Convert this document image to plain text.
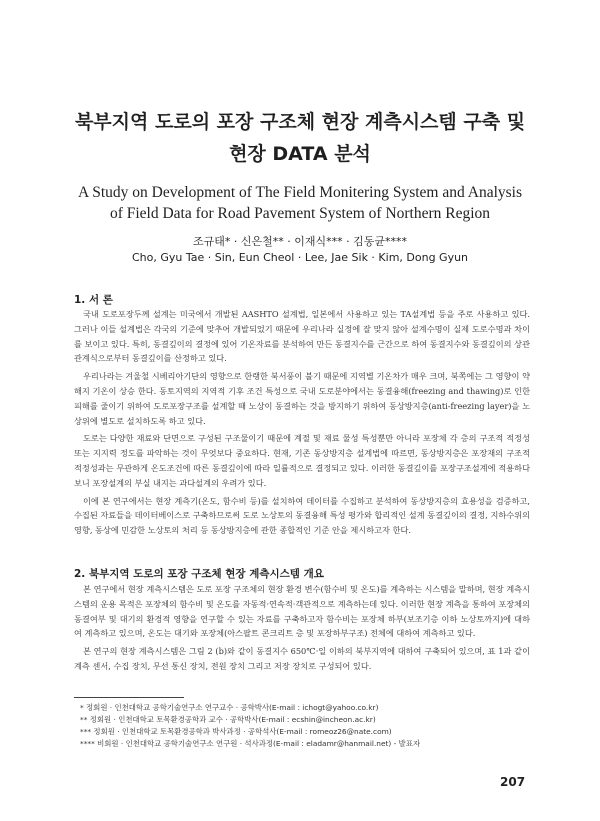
북부지역 도로의 포장 구조체 현장 계측시스템 구축 및
현장 DATA 분석
A Study on Development of The Field Monitering System and Analysis
of Field Data for Road Pavement System of Northern Region
조규태* · 신은철** · 이재식*** · 김동균****
Cho, Gyu Tae · Sin, Eun Cheol · Lee, Jae Sik · Kim, Dong Gyun
1. 서 론

국내 도로포장두께 설계는 미국에서 개발된 AASHTO 설계법, 일본에서 사용하고 있는 TA설계법 등을 주로 사용하고 있다. 그러나 이들 설계법은 각국의 기준에 맞추어 개발되었기 때문에 우리나라 실정에 잘 맞지 않아 설계수명이 실제 도로수명과 차이를 보이고 있다. 특히, 동결깊이의 결정에 있어 기온자료를 분석하여 만든 동결지수를 근간으로 하여 동결지수와 동결깊이의 상관관계식으로부터 동결깊이를 산정하고 있다.

우리나라는 겨울철 시베리아기단의 영향으로 한랭한 북서풍이 불기 때문에 지역별 기온차가 매우 크며, 북쪽에는 그 영향이 약해지 기온이 상승 한다. 동토지역의 지역적 기후 조건 특성으로 국내 도로분야에서는 동결융해(freezing and thawing)로 인한 피해를 줄이기 위하여 도로포장구조를 설계할 때 노상이 동결하는 것을 방지하기 위하여 동상방지층(anti-freezing layer)을 노상위에 별도로 설치하도록 하고 있다.

도로는 다양한 재료와 단면으로 구성된 구조물이기 때문에 계절 및 재료 물성 특성뿐만 아니라 포장체 각 층의 구조적 적정성 또는 지지력 정도를 파악하는 것이 무엇보다 중요하다. 현재, 기존 동상방지층 설계법에 따르면, 동상방지층은 포장재의 구조적 적정성과는 무관하게 온도조건에 따른 동결깊이에 따라 일률적으로 결정되고 있다. 이러한 동결깊이를 포장구조설계에 적용하다 보니 포장설계의 부실 내지는 과다설계의 우려가 있다.

이에 본 연구에서는 현장 계측기(온도, 함수비 등)를 설치하여 데이터를 수집하고 분석하여 동상방지층의 효용성을 검증하고, 수집된 자료들을 데이터베이스로 구축하므로써 도로 노상토의 동결융해 특성 평가와 합리적인 설계 동결깊이의 결정, 지하수위의 영향, 동상에 민감한 노상토의 처리 등 동상방지층에 관한 종합적인 기준 안을 제시하고자 한다.

2. 북부지역 도로의 포장 구조체 현장 계측시스템 개요

본 연구에서 현장 계측시스템은 도로 포장 구조체의 현장 환경 변수(함수비 및 온도)를 계측하는 시스템을 말하며, 현장 계측시스템의 운용 목적은 포장체의 함수비 및 온도를 자동적·연속적·객관적으로 계측하는데 있다. 이러한 현장 계측을 통하여 포장체의 동결여부 및 대기의 환경적 영향을 연구할 수 있는 자료를 구축하고자 함수비는 포장체 하부(보조기층 이하 노상토까지)에 대하여 계측하고 있으며, 온도는 대기와 포장체(아스팔트 콘크리트 층 및 포장하부구조) 전체에 대하여 계측하고 있다.

본 연구의 현장 계측시스템은 그림 2 (b)와 같이 동결지수 650℃·일 이하의 북부지역에 대하여 구축되어 있으며, 표 1과 같이 계측 센서, 수집 장치, 무선 통신 장치, 전원 장치 그리고 저장 장치로 구성되어 있다.

* 정회원 · 인천대학교 공학기술연구소 연구교수 · 공학박사(E-mail : ichogt@yahoo.co.kr)
** 정회원 · 인천대학교 토목환경공학과 교수 · 공학박사(E-mail : ecshin@incheon.ac.kr)
*** 정회원 · 인천대학교 토목환경공학과 박사과정 · 공학석사(E-mail : romeoz26@nate.com)
**** 비회원 · 인천대학교 공학기술연구소 연구원 · 석사과정(E-mail : eladamr@hanmail.net) - 발표자
207
